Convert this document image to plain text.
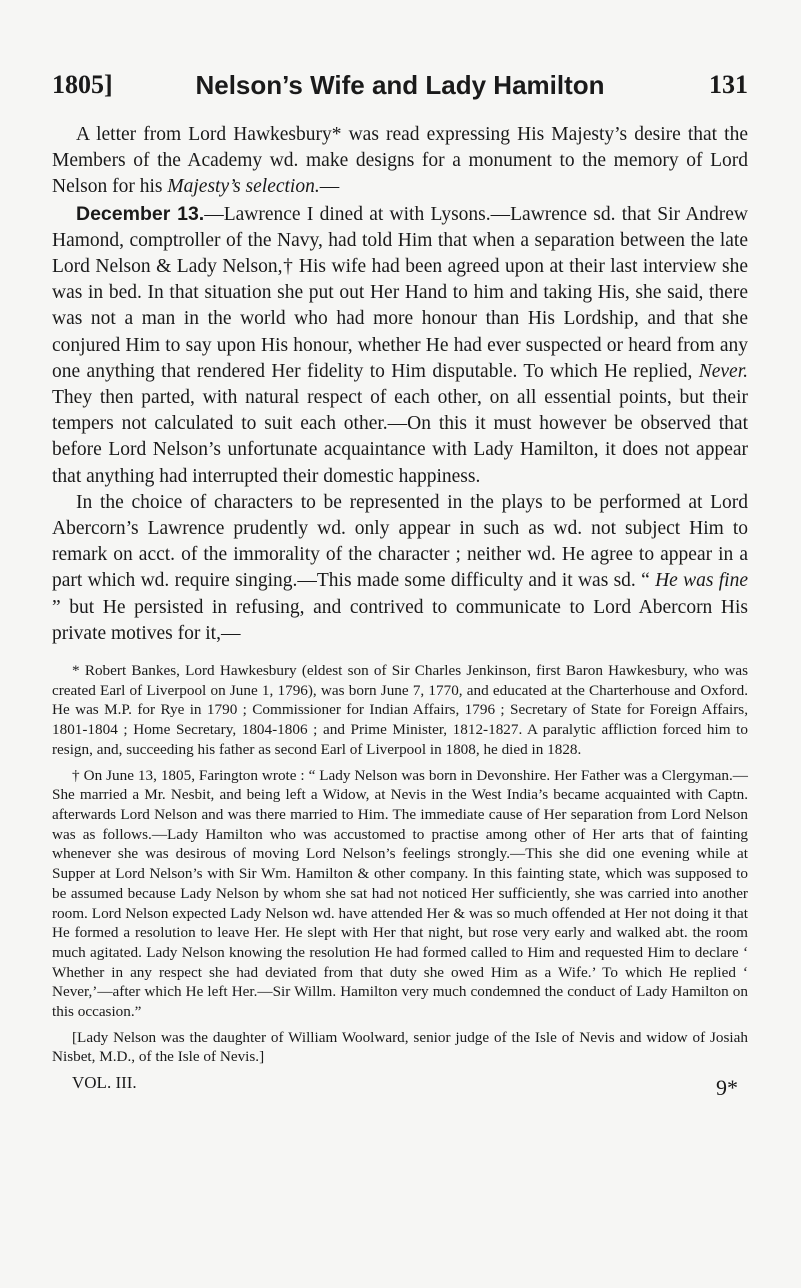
1805]	Nelson’s Wife and Lady Hamilton	131

A letter from Lord Hawkesbury* was read expressing His Majesty’s desire that the Members of the Academy wd. make designs for a monument to the memory of Lord Nelson for his Majesty’s selection.—

December 13.—Lawrence I dined at with Lysons.—Lawrence sd. that Sir Andrew Hamond, comptroller of the Navy, had told Him that when a separation between the late Lord Nelson & Lady Nelson,† His wife had been agreed upon at their last interview she was in bed. In that situation she put out Her Hand to him and taking His, she said, there was not a man in the world who had more honour than His Lordship, and that she conjured Him to say upon His honour, whether He had ever suspected or heard from any one anything that rendered Her fidelity to Him disputable. To which He replied, Never. They then parted, with natural respect of each other, on all essential points, but their tempers not calculated to suit each other.—On this it must however be observed that before Lord Nelson’s unfortunate acquaintance with Lady Hamilton, it does not appear that anything had interrupted their domestic happiness.

In the choice of characters to be represented in the plays to be performed at Lord Abercorn’s Lawrence prudently wd. only appear in such as wd. not subject Him to remark on acct. of the immorality of the character ; neither wd. He agree to appear in a part which wd. require singing.—This made some difficulty and it was sd. “ He was fine ” but He persisted in refusing, and contrived to communicate to Lord Abercorn His private motives for it,—

* Robert Bankes, Lord Hawkesbury (eldest son of Sir Charles Jenkinson, first Baron Hawkesbury, who was created Earl of Liverpool on June 1, 1796), was born June 7, 1770, and educated at the Charterhouse and Oxford. He was M.P. for Rye in 1790 ; Commissioner for Indian Affairs, 1796 ; Secretary of State for Foreign Affairs, 1801-1804 ; Home Secretary, 1804-1806 ; and Prime Minister, 1812-1827. A paralytic affliction forced him to resign, and, succeeding his father as second Earl of Liverpool in 1808, he died in 1828.

† On June 13, 1805, Farington wrote : “ Lady Nelson was born in Devonshire. Her Father was a Clergyman.—She married a Mr. Nesbit, and being left a Widow, at Nevis in the West India’s became acquainted with Captn. afterwards Lord Nelson and was there married to Him. The immediate cause of Her separation from Lord Nelson was as follows.—Lady Hamilton who was accustomed to practise among other of Her arts that of fainting whenever she was desirous of moving Lord Nelson’s feelings strongly.—This she did one evening while at Supper at Lord Nelson’s with Sir Wm. Hamilton & other company. In this fainting state, which was supposed to be assumed because Lady Nelson by whom she sat had not noticed Her sufficiently, she was carried into another room. Lord Nelson expected Lady Nelson wd. have attended Her & was so much offended at Her not doing it that He formed a resolution to leave Her. He slept with Her that night, but rose very early and walked abt. the room much agitated. Lady Nelson knowing the resolution He had formed called to Him and requested Him to declare ‘ Whether in any respect she had deviated from that duty she owed Him as a Wife.’ To which He replied ‘ Never,’—after which He left Her.—Sir Willm. Hamilton very much condemned the conduct of Lady Hamilton on this occasion.”

[Lady Nelson was the daughter of William Woolward, senior judge of the Isle of Nevis and widow of Josiah Nisbet, M.D., of the Isle of Nevis.]

VOL. III.	9*
